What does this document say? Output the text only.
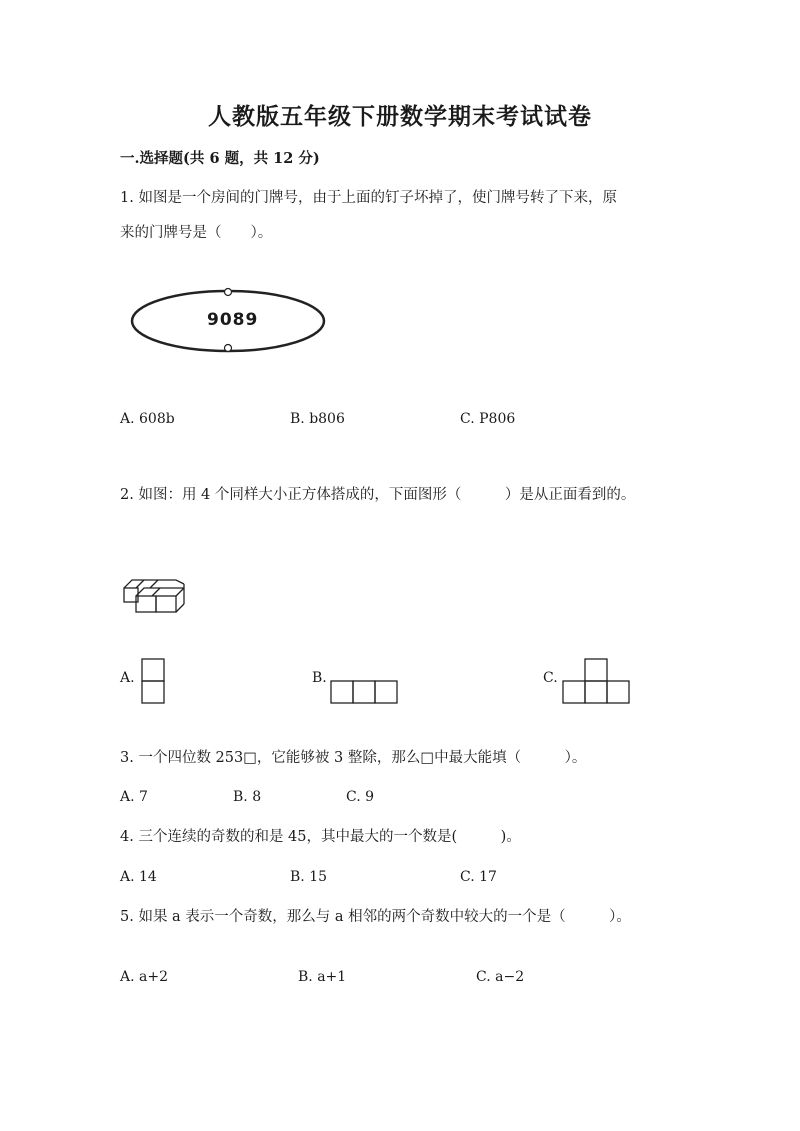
人教版五年级下册数学期末考试试卷
一.选择题(共 6 题，共 12 分)
1. 如图是一个房间的门牌号，由于上面的钉子坏掉了，使门牌号转了下来，原
来的门牌号是（　　）。
9089
A. 608b	B. b806	C. P806
2. 如图：用 4 个同样大小正方体搭成的，下面图形（　　　）是从正面看到的。
A.	B.	C.
3. 一个四位数 253□，它能够被 3 整除，那么□中最大能填（　　　）。
A. 7	B. 8	C. 9
4. 三个连续的奇数的和是 45，其中最大的一个数是(　　　)。
A. 14	B. 15	C. 17
5. 如果 a 表示一个奇数，那么与 a 相邻的两个奇数中较大的一个是（　　　）。
A. a+2	B. a+1	C. a−2
